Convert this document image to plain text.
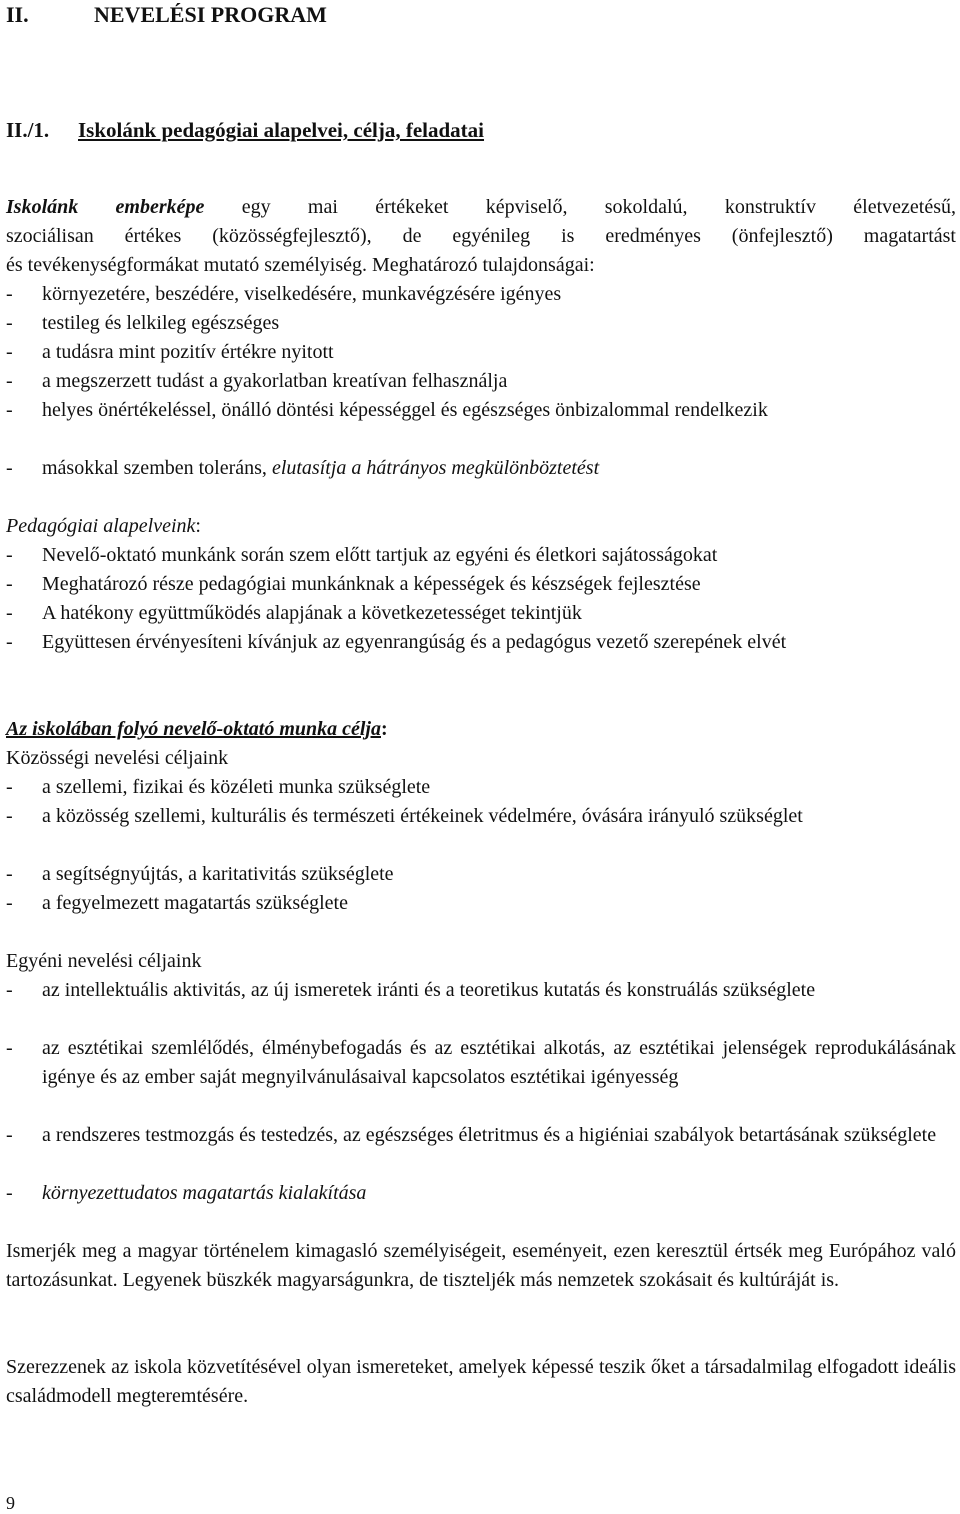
II.	NEVELÉSI PROGRAM
II./1. Iskolánk pedagógiai alapelvei, célja, feladatai
Iskolánk emberképe egy mai értékeket képviselő, sokoldalú, konstruktív életvezetésű,
szociálisan értékes (közösségfejlesztő), de egyénileg is eredményes (önfejlesztő) magatartást
és tevékenységformákat mutató személyiség. Meghatározó tulajdonságai:
- környezetére, beszédére, viselkedésére, munkavégzésére igényes
- testileg és lelkileg egészséges
- a tudásra mint pozitív értékre nyitott
- a megszerzett tudást a gyakorlatban kreatívan felhasználja
- helyes önértékeléssel, önálló döntési képességgel és egészséges önbizalommal rendelkezik
- másokkal szemben toleráns, elutasítja a hátrányos megkülönböztetést
Pedagógiai alapelveink:
- Nevelő-oktató munkánk során szem előtt tartjuk az egyéni és életkori sajátosságokat
- Meghatározó része pedagógiai munkánknak a képességek és készségek fejlesztése
- A hatékony együttműködés alapjának a következetességet tekintjük
- Együttesen érvényesíteni kívánjuk az egyenrangúság és a pedagógus vezető szerepének elvét
Az iskolában folyó nevelő-oktató munka célja:
Közösségi nevelési céljaink
- a szellemi, fizikai és közéleti munka szükséglete
- a közösség szellemi, kulturális és természeti értékeinek védelmére, óvására irányuló szükséglet
- a segítségnyújtás, a karitativitás szükséglete
- a fegyelmezett magatartás szükséglete
Egyéni nevelési céljaink
- az intellektuális aktivitás, az új ismeretek iránti és a teoretikus kutatás és konstruálás szükséglete
- az esztétikai szemlélődés, élménybefogadás és az esztétikai alkotás, az esztétikai jelenségek reprodukálásának igénye és az ember saját megnyilvánulásaival kapcsolatos esztétikai igényesség
- a rendszeres testmozgás és testedzés, az egészséges életritmus és a higiéniai szabályok betartásának szükséglete
- környezettudatos magatartás kialakítása
Ismerjék meg a magyar történelem kimagasló személyiségeit, eseményeit, ezen keresztül értsék meg Európához való tartozásunkat. Legyenek büszkék magyarságunkra, de tiszteljék más nemzetek szokásait és kultúráját is.
Szerezzenek az iskola közvetítésével olyan ismereteket, amelyek képessé teszik őket a társadalmilag elfogadott ideális családmodell megteremtésére.
9
